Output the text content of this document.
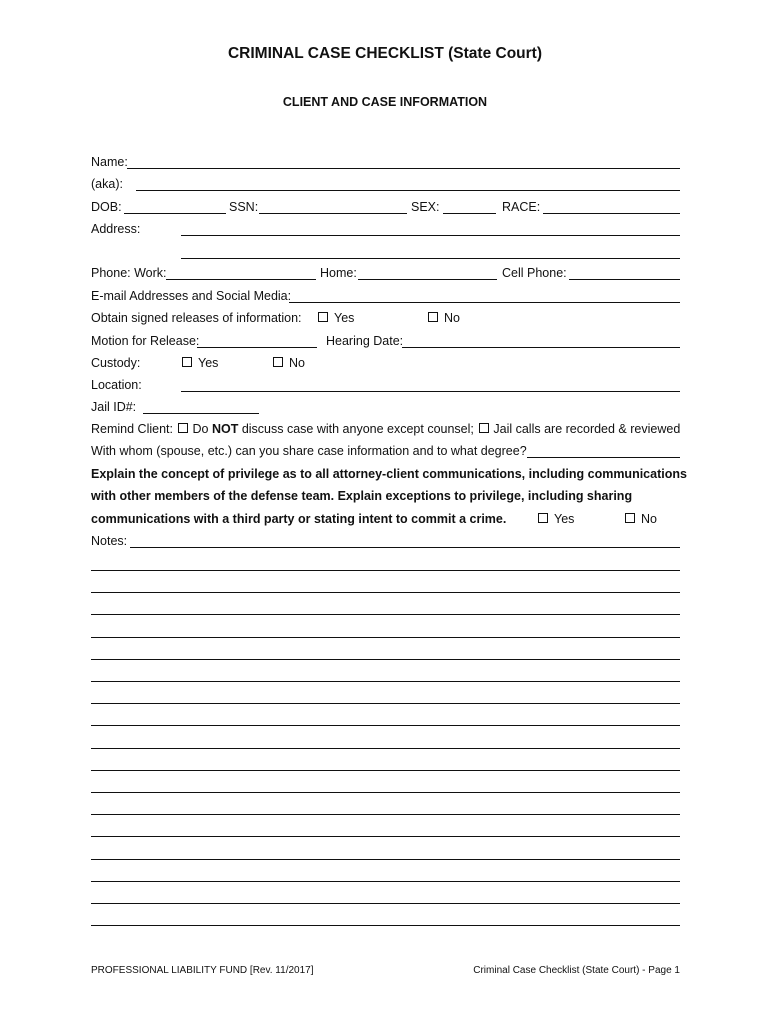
CRIMINAL CASE CHECKLIST (State Court)
CLIENT AND CASE INFORMATION
Name:
(aka):
DOB:	SSN:	SEX:	RACE:
Address:
Phone: Work:	Home:	Cell Phone:
E-mail Addresses and Social Media:
Obtain signed releases of information:	Yes	No
Motion for Release:	Hearing Date:
Custody:	Yes	No
Location:
Jail ID#:
Remind Client: Do NOT discuss case with anyone except counsel; Jail calls are recorded & reviewed
With whom (spouse, etc.) can you share case information and to what degree?
Explain the concept of privilege as to all attorney-client communications, including communications
with other members of the defense team. Explain exceptions to privilege, including sharing
communications with a third party or stating intent to commit a crime.	Yes	No
Notes:
PROFESSIONAL LIABILITY FUND [Rev. 11/2017]	Criminal Case Checklist (State Court) - Page 1
